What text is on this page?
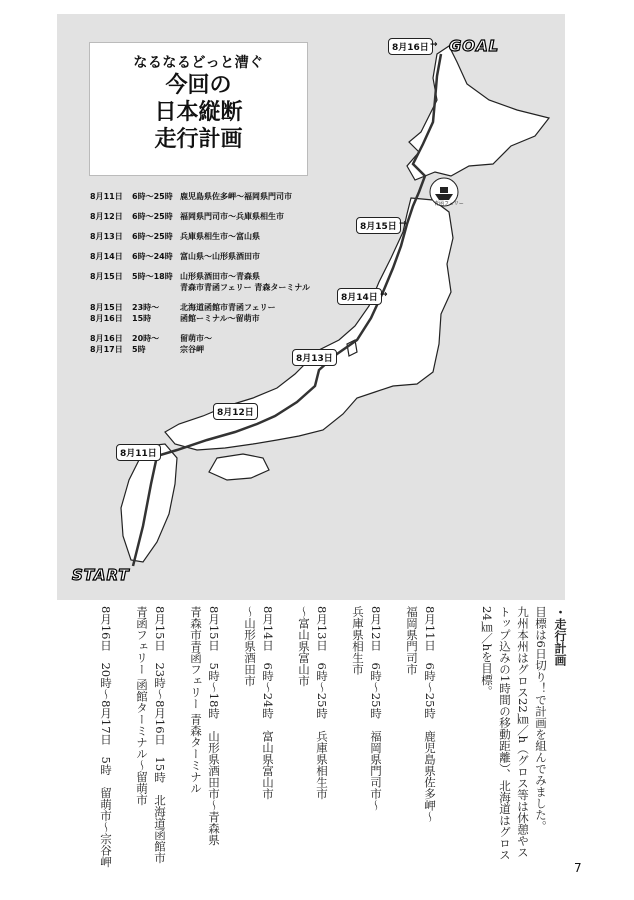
なるなるどっと漕ぐ
今回の
日本縦断
走行計画
8月11日	6時〜25時 鹿児島県佐多岬〜福岡県門司市
8月12日	6時〜25時 福岡県門司市〜兵庫県相生市
8月13日	6時〜25時 兵庫県相生市〜富山県
8月14日	6時〜24時 富山県〜山形県酒田市
8月15日	5時〜18時 山形県酒田市〜青森県
青森市青函フェリー 青森ターミナル
8月15日	23時〜	北海道函館市青函フェリー
8月16日	15時	函館ーミナル〜留萌市
8月16日	20時〜	留萌市〜
8月17日	5時	宗谷岬
8月16日 → GOAL
8月15日 →
8月14日 →
8月13日
8月12日
8月11日
青函フェリー
START
・走行計画
目標は6日切り！で計画を組んでみました。
九州本州はグロス22㎞／h（グロス等は休憩やス
トップ込みの1時間の移動距離）、北海道はグロス
24㎞／hを目標。
8月11日　6時〜25時　鹿児島県佐多岬〜
福岡県門司市
8月12日　6時〜25時　福岡県門司市〜
兵庫県相生市
8月13日　6時〜25時　兵庫県相生市
〜富山県富山市
8月14日　6時〜24時　富山県富山市
〜山形県酒田市
8月15日　5時〜18時　山形県酒田市〜青森県
青森市青函フェリー 青森ターミナル
8月15日　23時〜8月16日　15時　北海道函館市
青函フェリー 函館ターミナル〜留萌市
8月16日　20時〜8月17日　5時　留萌市〜宗谷岬
7
